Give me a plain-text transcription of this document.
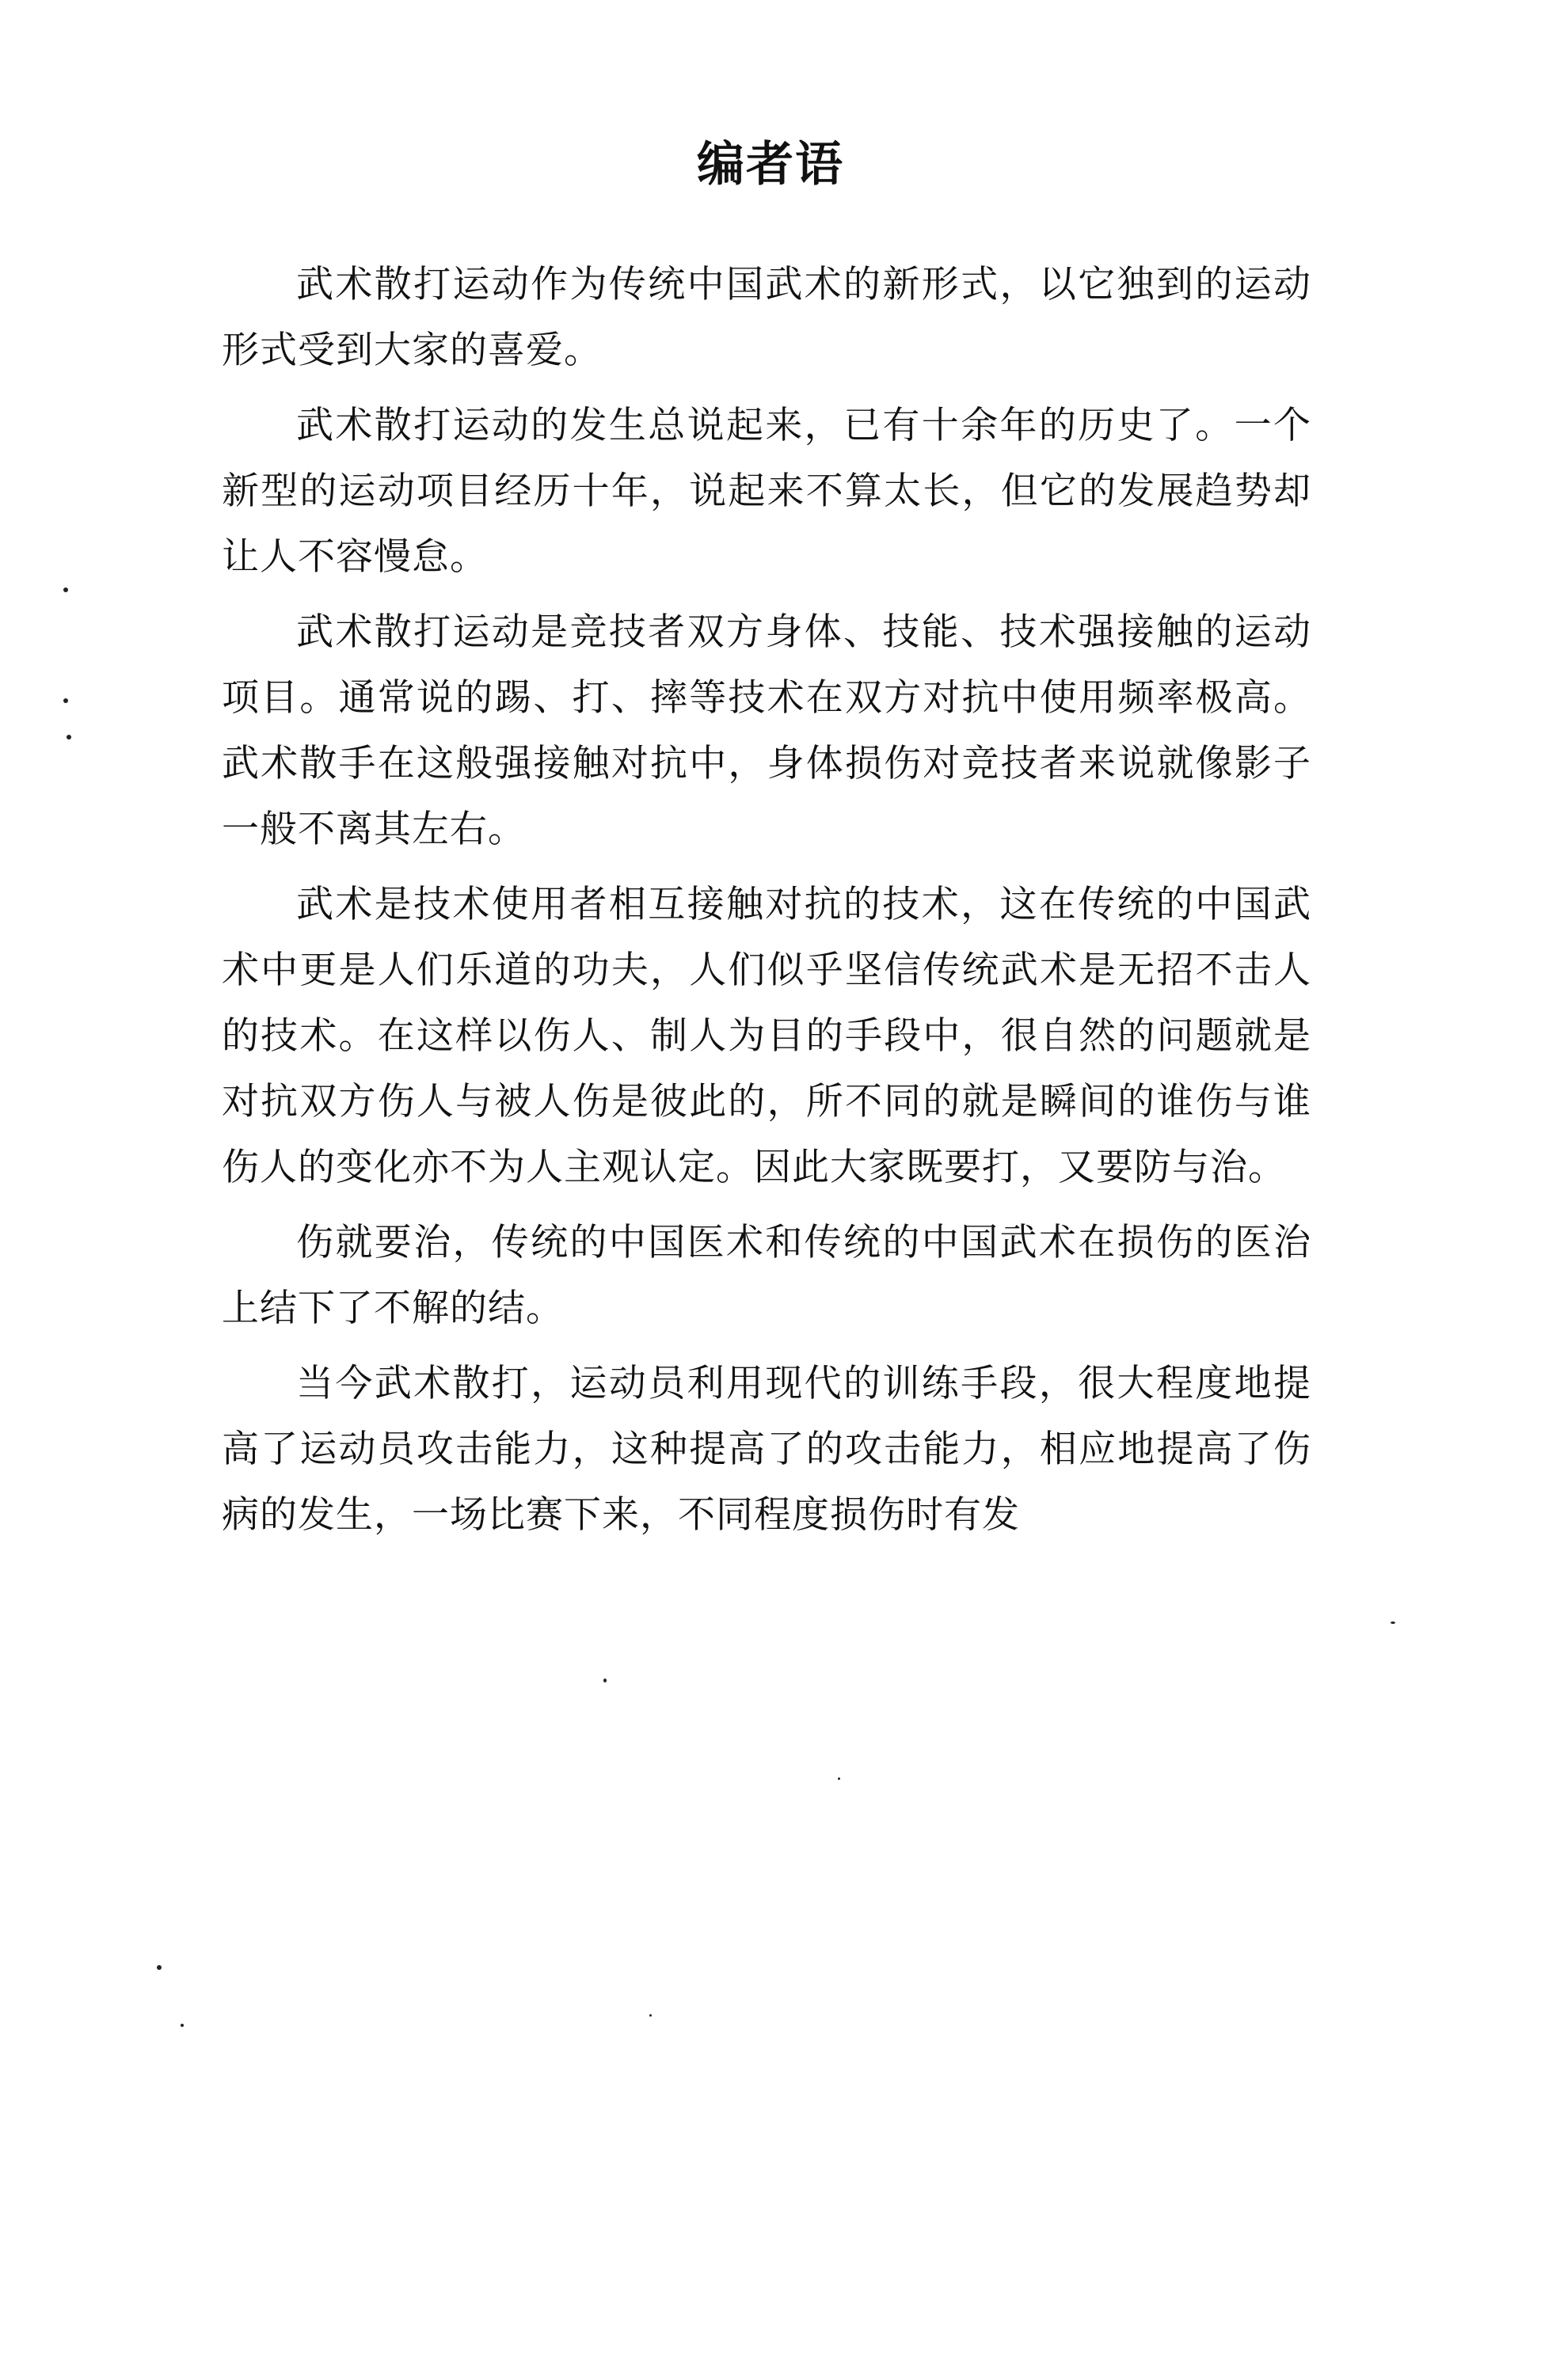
编者语

武术散打运动作为传统中国武术的新形式，以它独到的运动形式受到大家的喜爱。

武术散打运动的发生总说起来，已有十余年的历史了。一个新型的运动项目经历十年，说起来不算太长，但它的发展趋势却让人不容慢怠。

武术散打运动是竞技者双方身体、技能、技术强接触的运动项目。通常说的踢、打、摔等技术在双方对抗中使用频率极高。武术散手在这般强接触对抗中，身体损伤对竞技者来说就像影子一般不离其左右。

武术是技术使用者相互接触对抗的技术，这在传统的中国武术中更是人们乐道的功夫，人们似乎坚信传统武术是无招不击人的技术。在这样以伤人、制人为目的手段中，很自然的问题就是对抗双方伤人与被人伤是彼此的，所不同的就是瞬间的谁伤与谁伤人的变化亦不为人主观认定。因此大家既要打，又要防与治。

伤就要治，传统的中国医术和传统的中国武术在损伤的医治上结下了不解的结。

当今武术散打，运动员利用现代的训练手段，很大程度地提高了运动员攻击能力，这种提高了的攻击能力，相应地提高了伤病的发生，一场比赛下来，不同程度损伤时有发
